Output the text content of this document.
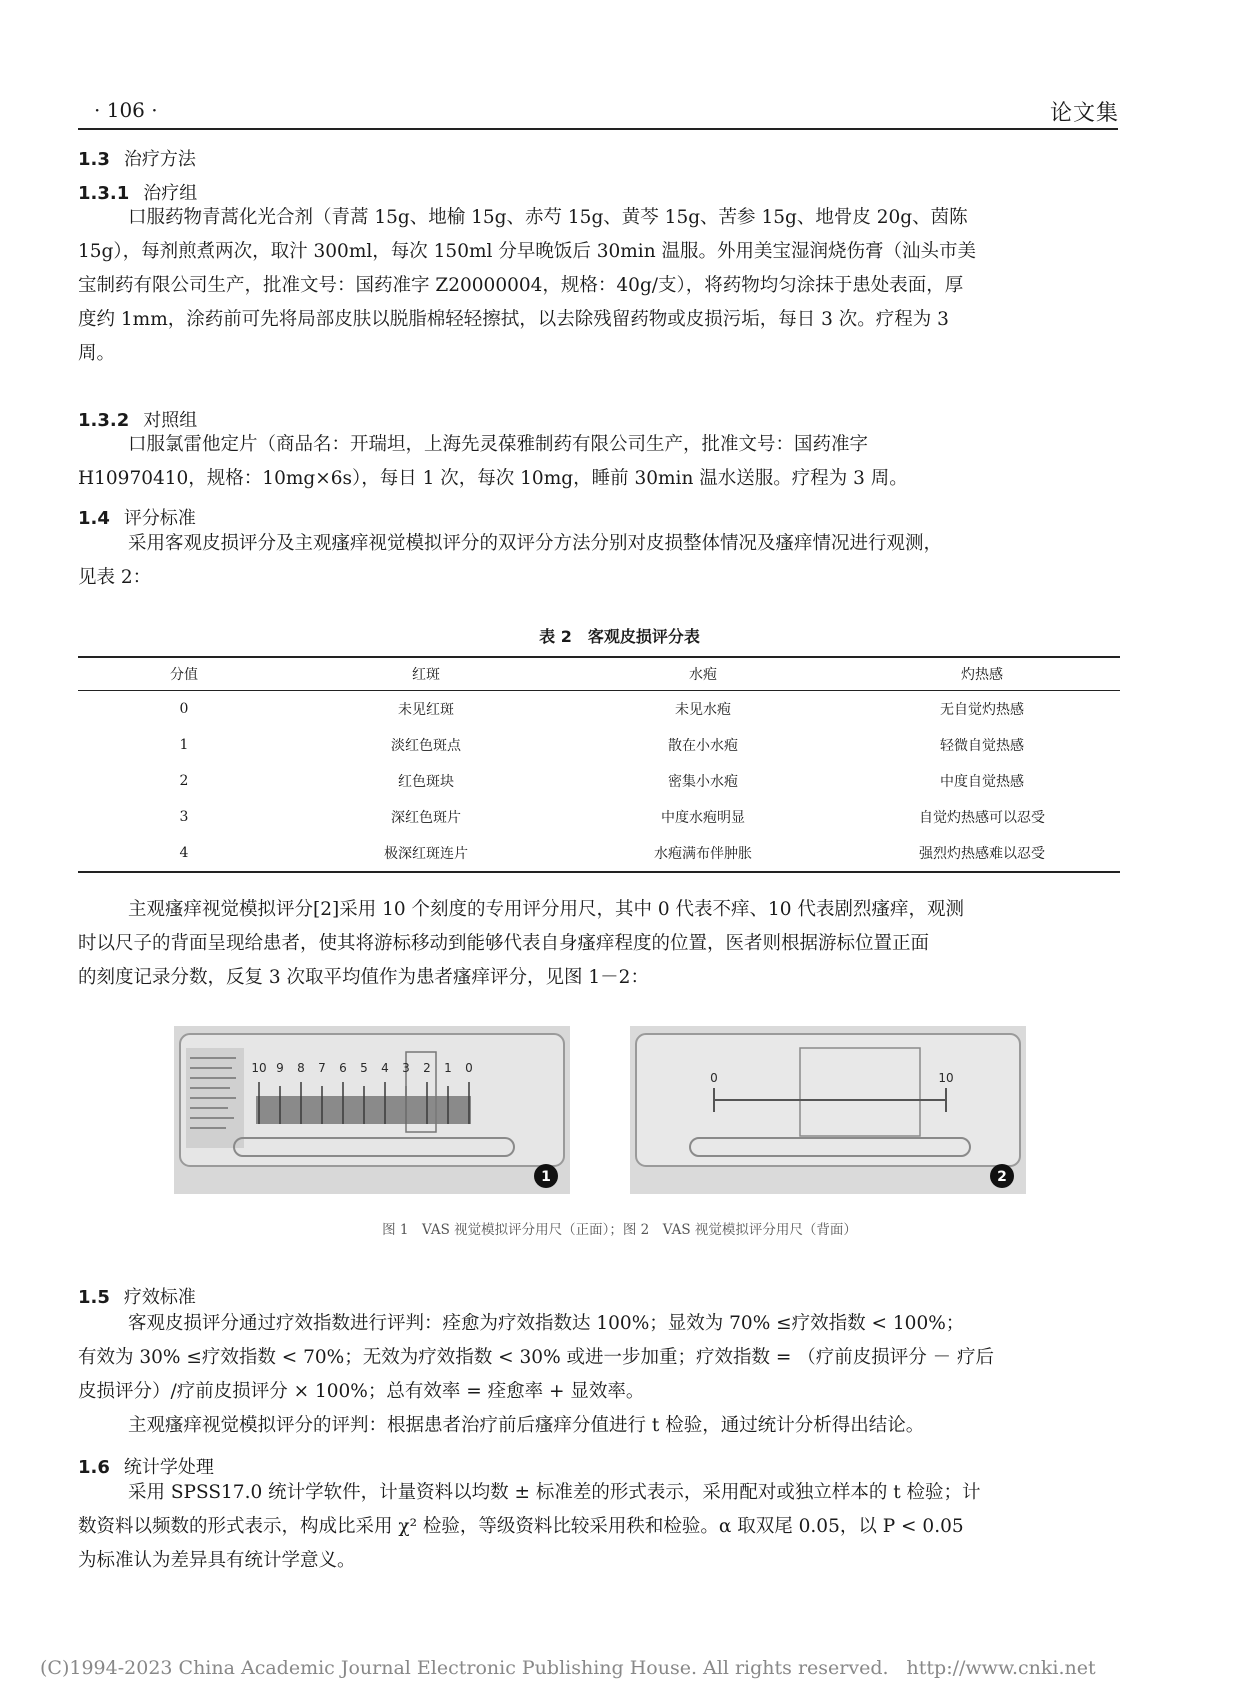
· 106 ·	论文集
1.3 治疗方法
1.3.1 治疗组
口服药物青蒿化光合剂（青蒿 15g、地榆 15g、赤芍 15g、黄芩 15g、苦参 15g、地骨皮 20g、茵陈
15g），每剂煎煮两次，取汁 300ml，每次 150ml 分早晚饭后 30min 温服。外用美宝湿润烧伤膏（汕头市美
宝制药有限公司生产，批准文号：国药准字 Z20000004，规格：40g/支），将药物均匀涂抹于患处表面，厚
度约 1mm，涂药前可先将局部皮肤以脱脂棉轻轻擦拭，以去除残留药物或皮损污垢，每日 3 次。疗程为 3
周。
1.3.2 对照组
口服氯雷他定片（商品名：开瑞坦，上海先灵葆雅制药有限公司生产，批准文号：国药准字
H10970410，规格：10mg×6s），每日 1 次，每次 10mg，睡前 30min 温水送服。疗程为 3 周。
1.4 评分标准
采用客观皮损评分及主观瘙痒视觉模拟评分的双评分方法分别对皮损整体情况及瘙痒情况进行观测，
见表 2：
表 2　客观皮损评分表
分值	红斑	水疱	灼热感
0	未见红斑	未见水疱	无自觉灼热感
1	淡红色斑点	散在小水疱	轻微自觉热感
2	红色斑块	密集小水疱	中度自觉热感
3	深红色斑片	中度水疱明显	自觉灼热感可以忍受
4	极深红斑连片	水疱满布伴肿胀	强烈灼热感难以忍受
主观瘙痒视觉模拟评分[2]采用 10 个刻度的专用评分用尺，其中 0 代表不痒、10 代表剧烈瘙痒，观测
时以尺子的背面呈现给患者，使其将游标移动到能够代表自身瘙痒程度的位置，医者则根据游标位置正面
的刻度记录分数，反复 3 次取平均值作为患者瘙痒评分，见图 1－2：
10 9 8 7 6 5 4 3 2 1 0
1
0	10
2
图 1　VAS 视觉模拟评分用尺（正面）；图 2　VAS 视觉模拟评分用尺（背面）
1.5 疗效标准
客观皮损评分通过疗效指数进行评判：痊愈为疗效指数达 100%；显效为 70% ≤疗效指数 < 100%；
有效为 30% ≤疗效指数 < 70%；无效为疗效指数 < 30% 或进一步加重；疗效指数 = （疗前皮损评分 － 疗后
皮损评分）/疗前皮损评分 × 100%；总有效率 = 痊愈率 + 显效率。
主观瘙痒视觉模拟评分的评判：根据患者治疗前后瘙痒分值进行 t 检验，通过统计分析得出结论。
1.6 统计学处理
采用 SPSS17.0 统计学软件，计量资料以均数 ± 标准差的形式表示，采用配对或独立样本的 t 检验；计
数资料以频数的形式表示，构成比采用 χ² 检验，等级资料比较采用秩和检验。α 取双尾 0.05，以 P < 0.05
为标准认为差异具有统计学意义。
(C)1994-2023 China Academic Journal Electronic Publishing House. All rights reserved. http://www.cnki.net
